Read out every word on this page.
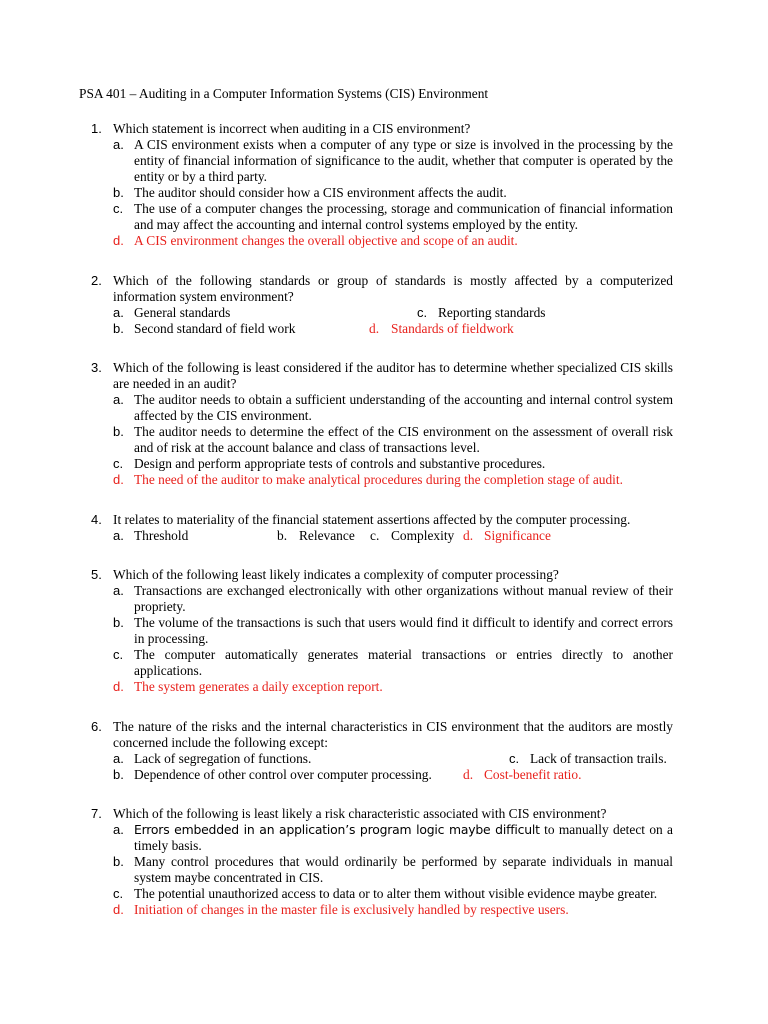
PSA 401 – Auditing in a Computer Information Systems (CIS) Environment
1. Which statement is incorrect when auditing in a CIS environment?
a. A CIS environment exists when a computer of any type or size is involved in the processing by the entity of financial information of significance to the audit, whether that computer is operated by the entity or by a third party.
b. The auditor should consider how a CIS environment affects the audit.
c. The use of a computer changes the processing, storage and communication of financial information and may affect the accounting and internal control systems employed by the entity.
d. A CIS environment changes the overall objective and scope of an audit.
2. Which of the following standards or group of standards is mostly affected by a computerized information system environment?
a. General standards	c. Reporting standards
b. Second standard of field work	d. Standards of fieldwork
3. Which of the following is least considered if the auditor has to determine whether specialized CIS skills are needed in an audit?
a. The auditor needs to obtain a sufficient understanding of the accounting and internal control system affected by the CIS environment.
b. The auditor needs to determine the effect of the CIS environment on the assessment of overall risk and of risk at the account balance and class of transactions level.
c. Design and perform appropriate tests of controls and substantive procedures.
d. The need of the auditor to make analytical procedures during the completion stage of audit.
4. It relates to materiality of the financial statement assertions affected by the computer processing.
a. Threshold	b. Relevance c. Complexity d. Significance
5. Which of the following least likely indicates a complexity of computer processing?
a. Transactions are exchanged electronically with other organizations without manual review of their propriety.
b. The volume of the transactions is such that users would find it difficult to identify and correct errors in processing.
c. The computer automatically generates material transactions or entries directly to another applications.
d. The system generates a daily exception report.
6. The nature of the risks and the internal characteristics in CIS environment that the auditors are mostly concerned include the following except:
a. Lack of segregation of functions.	c. Lack of transaction trails.
b. Dependence of other control over computer processing. d. Cost-benefit ratio.
7. Which of the following is least likely a risk characteristic associated with CIS environment?
a. Errors embedded in an application’s program logic maybe difficult to manually detect on a timely basis.
b. Many control procedures that would ordinarily be performed by separate individuals in manual system maybe concentrated in CIS.
c. The potential unauthorized access to data or to alter them without visible evidence maybe greater.
d. Initiation of changes in the master file is exclusively handled by respective users.
